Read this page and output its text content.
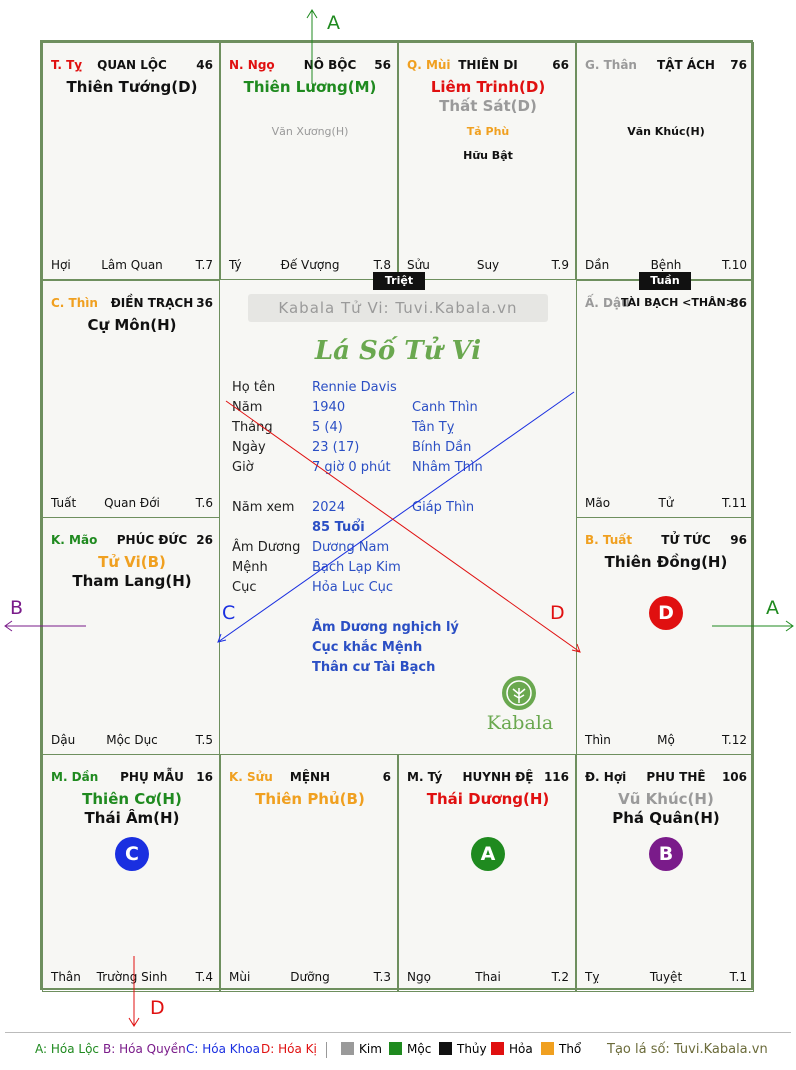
T. Tỵ	QUAN LỘC	46
Thiên Tướng(D)
Hợi	Lâm Quan	T.7
N. Ngọ	NÔ BỘC	56
Thiên Lương(M)
Văn Xương(H)
Tý	Đế Vượng	T.8
Q. Mùi THIÊN DI	66
Liêm Trinh(D)
Thất Sát(D)
Tả Phù
Hữu Bật
Sửu	Suy	T.9
G. Thân	TẬT ÁCH	76
Văn Khúc(H)
Dần	Bệnh	T.10
C. Thìn	ĐIỀN TRẠCH 36
Cự Môn(H)
Tuất	Quan Đới	T.6
Ấ. Dậu
TÀI BẠCH <THÂN>
86
Mão	Tử	T.11
K. Mão	PHÚC ĐỨC 26
Tử Vi(B)
Tham Lang(H)
Dậu	Mộc Dục	T.5
B. Tuất	TỬ TỨC	96
Thiên Đồng(H)
D
Thìn	Mộ	T.12
M. Dần	PHỤ MẪU	16
Thiên Cơ(H)
Thái Âm(H)
C
Thân	Trường Sinh	T.4
K. Sửu	MỆNH	6
Thiên Phủ(B)
Mùi	Dưỡng	T.3
M. Tý	HUYNH ĐỆ 116
Thái Dương(H)
A
Ngọ	Thai	T.2
Đ. Hợi	PHU THÊ	106
Vũ Khúc(H)
Phá Quân(H)
B
Tỵ	Tuyệt	T.1
Kabala Tử Vi: Tuvi.Kabala.vn
Lá Số Tử Vi
Họ tên	Rennie Davis
Năm	1940	Canh Thìn
Tháng	5 (4)	Tân Tỵ
Ngày	23 (17)	Bính Dần
Giờ	7 giờ 0 phút Nhâm Thìn
Năm xem 2024	Giáp Thìn
85 Tuổi
Âm Dương Dương Nam
Mệnh	Bạch Lạp Kim
Cục	Hỏa Lục Cục
Âm Dương nghịch lý
Cục khắc Mệnh
Thân cư Tài Bạch
Kabala
Triệt	Tuần
A
A
B	C	D
D
A: Hóa Lộc B: Hóa Quyền C: Hóa Khoa D: Hóa Kị	Kim	Mộc	Thủy	Hỏa	Thổ Tạo lá số: Tuvi.Kabala.vn
